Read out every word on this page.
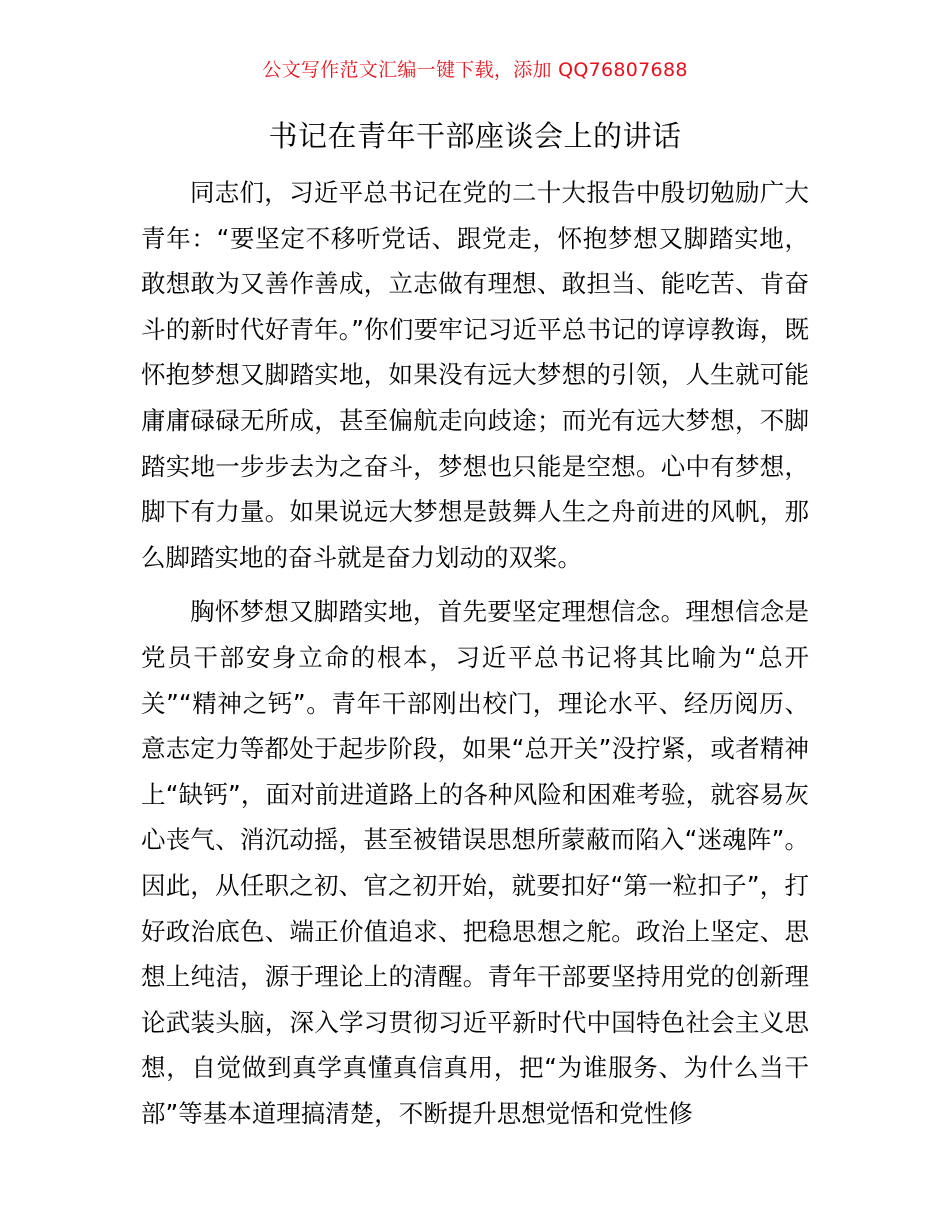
公文写作范文汇编一键下载，添加 QQ76807688
书记在青年干部座谈会上的讲话

同志们，习近平总书记在党的二十大报告中殷切勉励广大青年：“要坚定不移听党话、跟党走，怀抱梦想又脚踏实地，敢想敢为又善作善成，立志做有理想、敢担当、能吃苦、肯奋斗的新时代好青年。”你们要牢记习近平总书记的谆谆教诲，既怀抱梦想又脚踏实地，如果没有远大梦想的引领，人生就可能庸庸碌碌无所成，甚至偏航走向歧途；而光有远大梦想，不脚踏实地一步步去为之奋斗，梦想也只能是空想。心中有梦想，脚下有力量。如果说远大梦想是鼓舞人生之舟前进的风帆，那么脚踏实地的奋斗就是奋力划动的双桨。

胸怀梦想又脚踏实地，首先要坚定理想信念。理想信念是党员干部安身立命的根本，习近平总书记将其比喻为“总开关”“精神之钙”。青年干部刚出校门，理论水平、经历阅历、意志定力等都处于起步阶段，如果“总开关”没拧紧，或者精神上“缺钙”，面对前进道路上的各种风险和困难考验，就容易灰心丧气、消沉动摇，甚至被错误思想所蒙蔽而陷入“迷魂阵”。因此，从任职之初、官之初开始，就要扣好“第一粒扣子”，打好政治底色、端正价值追求、把稳思想之舵。政治上坚定、思想上纯洁，源于理论上的清醒。青年干部要坚持用党的创新理论武装头脑，深入学习贯彻习近平新时代中国特色社会主义思想，自觉做到真学真懂真信真用，把“为谁服务、为什么当干部”等基本道理搞清楚，不断提升思想觉悟和党性修
